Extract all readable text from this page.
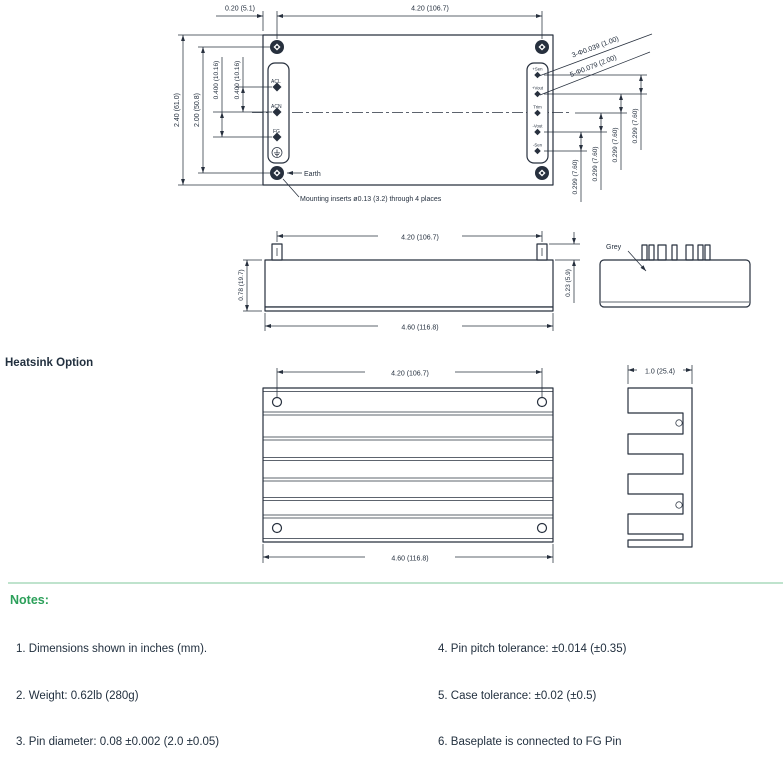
ACL
ACN
FG
+Sen
+Vout
Trim
-Vout
-Sen
0.20 (5.1)	4.20 (106.7)
2.40 (61.0) 2.00 (50.8)
0.400 (10.16)
0.400 (10.16)
0.299 (7.60) 0.299 (7.60)
0.299 (7.60)
0.299 (7.60)
3-Φ0.039 (1.00)
5-Φ0.079 (2.00)
Earth
Mounting inserts ø0.13 (3.2) through 4 places
4.20 (106.7)
0.78 (19.7)
4.60 (116.8)
0.23 (5.9)
Grey
4.20 (106.7)
4.60 (116.8)
1.0 (25.4)
Heatsink Option
Notes:

1. Dimensions shown in inches (mm).

2. Weight: 0.62lb (280g)

3. Pin diameter: 0.08 ±0.002 (2.0 ±0.05)

4. Pin pitch tolerance: ±0.014 (±0.35)

5. Case tolerance: ±0.02 (±0.5)

6. Baseplate is connected to FG Pin
